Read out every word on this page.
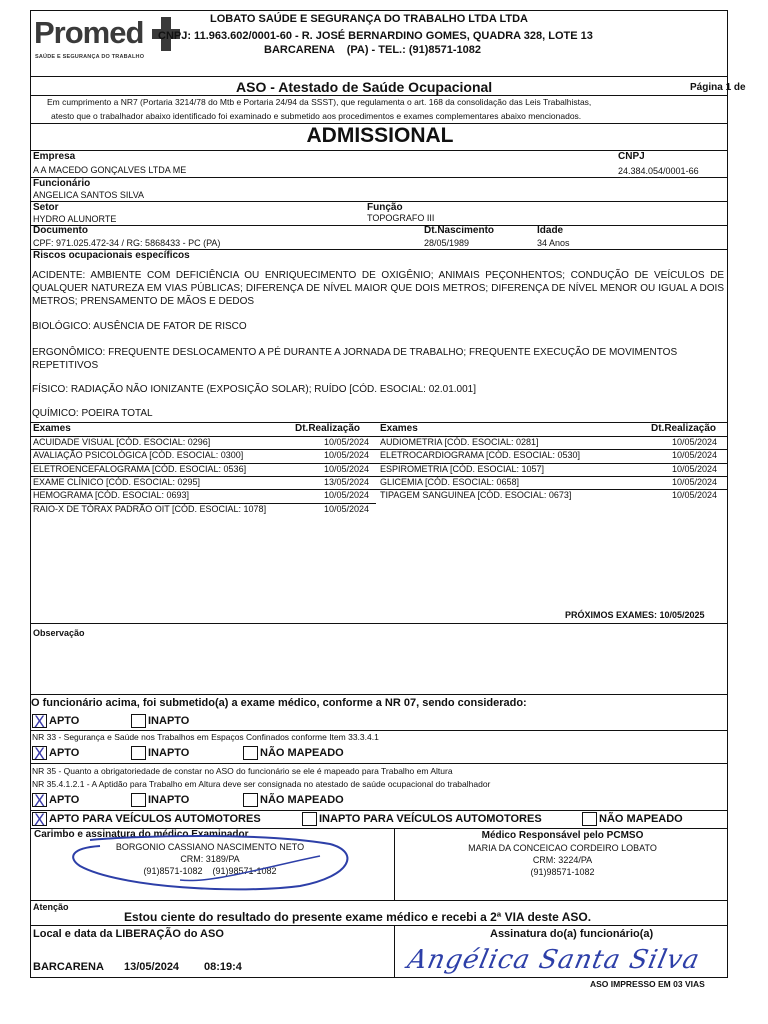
Promed
SAÚDE E SEGURANÇA DO TRABALHO
LOBATO SAÚDE E SEGURANÇA DO TRABALHO LTDA LTDA
CNPJ: 11.963.602/0001-60 - R. JOSÉ BERNARDINO GOMES, QUADRA 328, LOTE 13
BARCARENA    (PA) - TEL.: (91)8571-1082
ASO - Atestado de Saúde Ocupacional	Página 1 de
Em cumprimento a NR7 (Portaria 3214/78 do Mtb e Portaria 24/94 da SSST), que regulamenta o art. 168 da consolidação das Leis Trabalhistas,
atesto que o trabalhador abaixo identificado foi examinado e submetido aos procedimentos e exames complementares abaixo mencionados.
ADMISSIONAL
Empresa
A A MACEDO GONÇALVES LTDA ME
CNPJ
24.384.054/0001-66
Funcionário
ANGELICA SANTOS SILVA
Setor
HYDRO ALUNORTE
Função
TOPOGRAFO III
Documento
CPF: 971.025.472-34 / RG: 5868433 - PC (PA)
Dt.Nascimento
28/05/1989
Idade
34 Anos
Riscos ocupacionais específicos
ACIDENTE: AMBIENTE COM DEFICIÊNCIA OU ENRIQUECIMENTO DE OXIGÊNIO; ANIMAIS PEÇONHENTOS; CONDUÇÃO DE VEÍCULOS DE QUALQUER NATUREZA EM VIAS PÚBLICAS; DIFERENÇA DE NÍVEL MAIOR QUE DOIS METROS; DIFERENÇA DE NÍVEL MENOR OU IGUAL A DOIS METROS; PRENSAMENTO DE MÃOS E DEDOS
BIOLÓGICO: AUSÊNCIA DE FATOR DE RISCO
ERGONÔMICO: FREQUENTE DESLOCAMENTO A PÉ DURANTE A JORNADA DE TRABALHO; FREQUENTE EXECUÇÃO DE MOVIMENTOS REPETITIVOS
FÍSICO: RADIAÇÃO NÃO IONIZANTE (EXPOSIÇÃO SOLAR); RUÍDO [CÓD. ESOCIAL: 02.01.001]
QUÍMICO: POEIRA TOTAL
Exames	Dt.Realização Exames	Dt.Realização
ACUIDADE VISUAL [CÓD. ESOCIAL: 0296]	10/05/2024 AUDIOMETRIA [CÓD. ESOCIAL: 0281]	10/05/2024
AVALIAÇÃO PSICOLÓGICA [CÓD. ESOCIAL: 0300]	10/05/2024 ELETROCARDIOGRAMA [CÓD. ESOCIAL: 0530]	10/05/2024
ELETROENCEFALOGRAMA [CÓD. ESOCIAL: 0536]	10/05/2024 ESPIROMETRIA [CÓD. ESOCIAL: 1057]	10/05/2024
EXAME CLÍNICO [CÓD. ESOCIAL: 0295]	13/05/2024 GLICEMIA [CÓD. ESOCIAL: 0658]	10/05/2024
HEMOGRAMA [CÓD. ESOCIAL: 0693]	10/05/2024 TIPAGEM SANGUINEA [CÓD. ESOCIAL: 0673]	10/05/2024
RAIO-X DE TÓRAX PADRÃO OIT [CÓD. ESOCIAL: 1078]	10/05/2024
PRÓXIMOS EXAMES: 10/05/2025
Observação
O funcionário acima, foi submetido(a) a exame médico, conforme a NR 07, sendo considerado:
X
APTO	INAPTO
NR 33 - Segurança e Saúde nos Trabalhos em Espaços Confinados conforme Item 33.3.4.1
X
APTO	INAPTO	NÃO MAPEADO
NR 35 - Quanto a obrigatoriedade de constar no ASO do funcionário se ele é mapeado para Trabalho em Altura
NR 35.4.1.2.1 - A Aptidão para Trabalho em Altura deve ser consignada no atestado de saúde ocupacional do trabalhador
X
APTO	INAPTO	NÃO MAPEADO
X
APTO PARA VEÍCULOS AUTOMOTORES	INAPTO PARA VEÍCULOS AUTOMOTORES	NÃO MAPEADO
Carimbo e assinatura do médico Examinador
BORGONIO CASSIANO NASCIMENTO NETO
CRM: 3189/PA
(91)8571-1082    (91)98571-1082
Médico Responsável pelo PCMSO
MARIA DA CONCEICAO CORDEIRO LOBATO
CRM: 3224/PA
(91)98571-1082
Atenção
Estou ciente do resultado do presente exame médico e recebi a 2ª VIA deste ASO.
Local e data da LIBERAÇÃO do ASO	Assinatura do(a) funcionário(a)
BARCARENA 13/05/2024 08:19:4	Angélica Santa Silva
ASO IMPRESSO EM 03 VIAS
